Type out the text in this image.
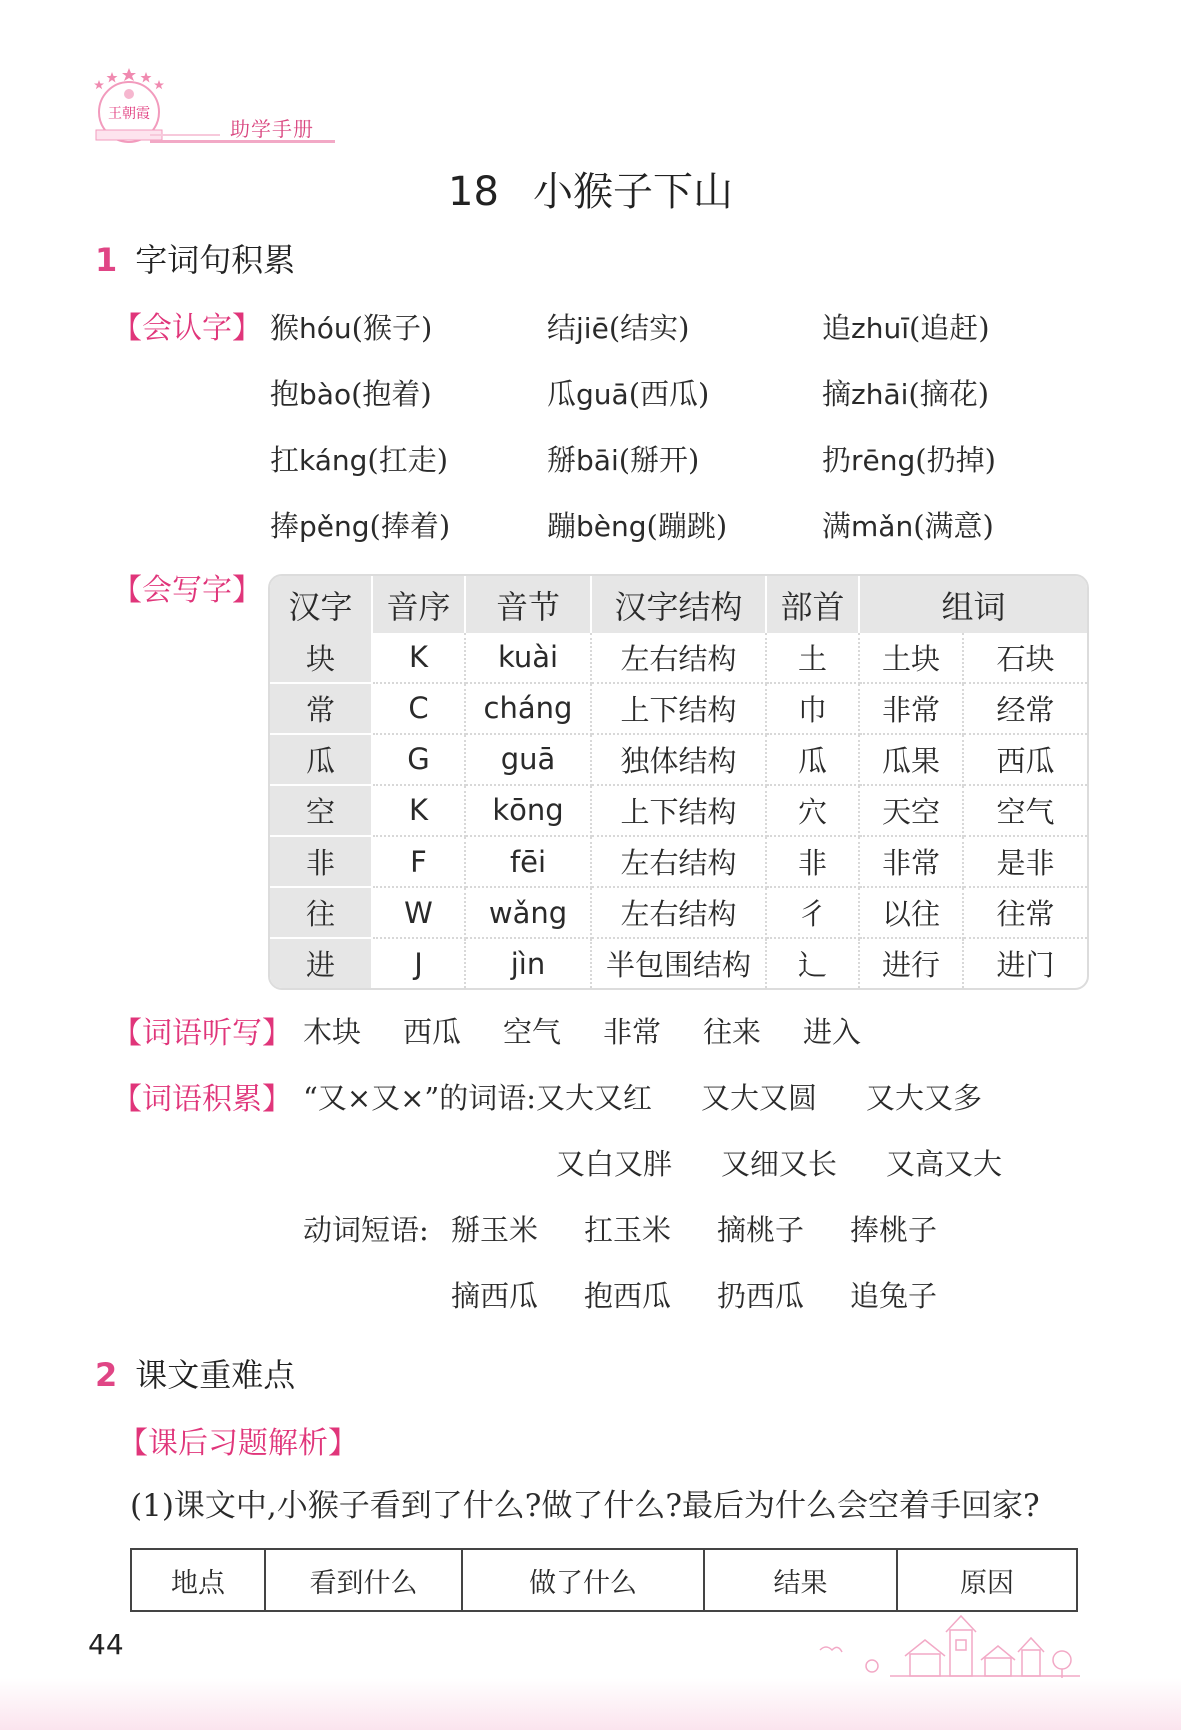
王朝霞
助学手册
18 小猴子下山
1 字词句积累
【会认字】 猴hóu(猴子)	结jiē(结实)	追zhuī(追赶)
抱bào(抱着)	瓜guā(西瓜)	摘zhāi(摘花)
扛káng(扛走)	掰bāi(掰开)	扔rēng(扔掉)
捧pěng(捧着)	蹦bèng(蹦跳)	满mǎn(满意)
【会写字】 汉字	音序	音节	汉字结构	部首	组词	
块	K	kuài	左右结构	土	土块	石块
常	C	cháng	上下结构	巾	非常	经常
瓜	G	guā	独体结构	瓜	瓜果	西瓜
空	K	kōng	上下结构	穴	天空	空气
非	F	fēi	左右结构	非	非常	是非
往	W	wǎng	左右结构	彳	以往	往常
进	J	jìn	半包围结构	辶	进行	进门
【词语听写】 木块 西瓜 空气 非常 往来 进入
【词语积累】 “又×又×”的词语:又大又红 又大又圆 又大又多
又白又胖 又细又长 又高又大
动词短语: 掰玉米 扛玉米 摘桃子 捧桃子
摘西瓜 抱西瓜 扔西瓜 追兔子
2 课文重难点
【课后习题解析】
(1)课文中,小猴子看到了什么?做了什么?最后为什么会空着手回家?
地点	看到什么	做了什么	结果	原因
44
